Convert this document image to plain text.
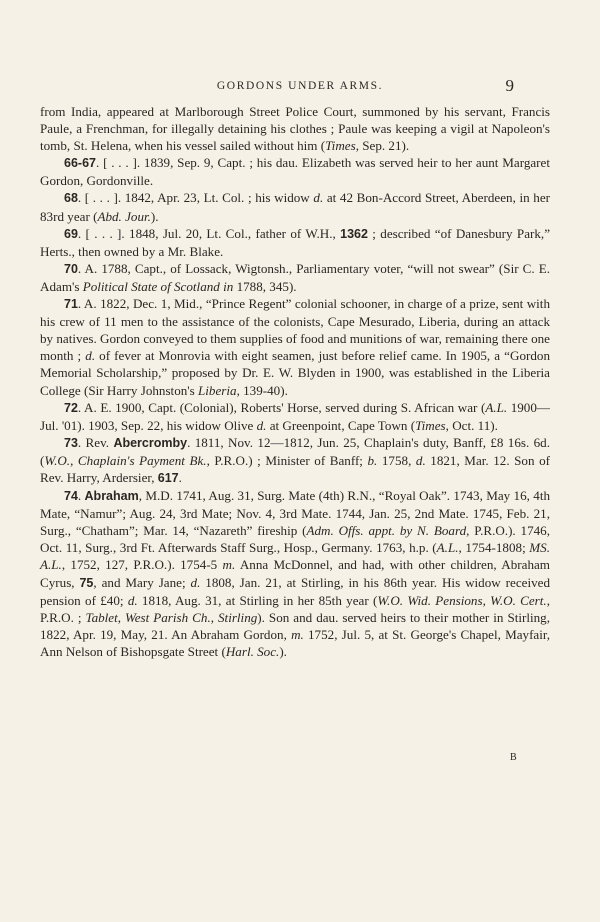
GORDONS UNDER ARMS.	9

from India, appeared at Marlborough Street Police Court, summoned by his servant, Francis Paule, a Frenchman, for illegally detaining his clothes ; Paule was keeping a vigil at Napoleon's tomb, St. Helena, when his vessel sailed without him (Times, Sep. 21).

66-67. [ . . . ]. 1839, Sep. 9, Capt. ; his dau. Elizabeth was served heir to her aunt Margaret Gordon, Gordonville.

68. [ . . . ]. 1842, Apr. 23, Lt. Col. ; his widow d. at 42 Bon-Accord Street, Aberdeen, in her 83rd year (Abd. Jour.).

69. [ . . . ]. 1848, Jul. 20, Lt. Col., father of W.H., 1362 ; described “of Danesbury Park,” Herts., then owned by a Mr. Blake.

70. A. 1788, Capt., of Lossack, Wigtonsh., Parliamentary voter, “will not swear” (Sir C. E. Adam's Political State of Scotland in 1788, 345).

71. A. 1822, Dec. 1, Mid., “Prince Regent” colonial schooner, in charge of a prize, sent with his crew of 11 men to the assistance of the colonists, Cape Mesurado, Liberia, during an attack by natives. Gordon conveyed to them supplies of food and munitions of war, remaining there one month ; d. of fever at Monrovia with eight seamen, just before relief came. In 1905, a “Gordon Memorial Scholarship,” proposed by Dr. E. W. Blyden in 1900, was established in the Liberia College (Sir Harry Johnston's Liberia, 139-40).

72. A. E. 1900, Capt. (Colonial), Roberts' Horse, served during S. African war (A.L. 1900—Jul. '01). 1903, Sep. 22, his widow Olive d. at Greenpoint, Cape Town (Times, Oct. 11).

73. Rev. Abercromby. 1811, Nov. 12—1812, Jun. 25, Chaplain's duty, Banff, £8 16s. 6d. (W.O., Chaplain's Payment Bk., P.R.O.) ; Minister of Banff; b. 1758, d. 1821, Mar. 12. Son of Rev. Harry, Ardersier, 617.

74. Abraham, M.D. 1741, Aug. 31, Surg. Mate (4th) R.N., “Royal Oak”. 1743, May 16, 4th Mate, “Namur”; Aug. 24, 3rd Mate; Nov. 4, 3rd Mate. 1744, Jan. 25, 2nd Mate. 1745, Feb. 21, Surg., “Chatham”; Mar. 14, “Nazareth” fireship (Adm. Offs. appt. by N. Board, P.R.O.). 1746, Oct. 11, Surg., 3rd Ft. Afterwards Staff Surg., Hosp., Germany. 1763, h.p. (A.L., 1754-1808; MS. A.L., 1752, 127, P.R.O.). 1754-5 m. Anna McDonnel, and had, with other children, Abraham Cyrus, 75, and Mary Jane; d. 1808, Jan. 21, at Stirling, in his 86th year. His widow received pension of £40; d. 1818, Aug. 31, at Stirling in her 85th year (W.O. Wid. Pensions, W.O. Cert., P.R.O. ; Tablet, West Parish Ch., Stirling). Son and dau. served heirs to their mother in Stirling, 1822, Apr. 19, May, 21. An Abraham Gordon, m. 1752, Jul. 5, at St. George's Chapel, Mayfair, Ann Nelson of Bishopsgate Street (Harl. Soc.).

B
